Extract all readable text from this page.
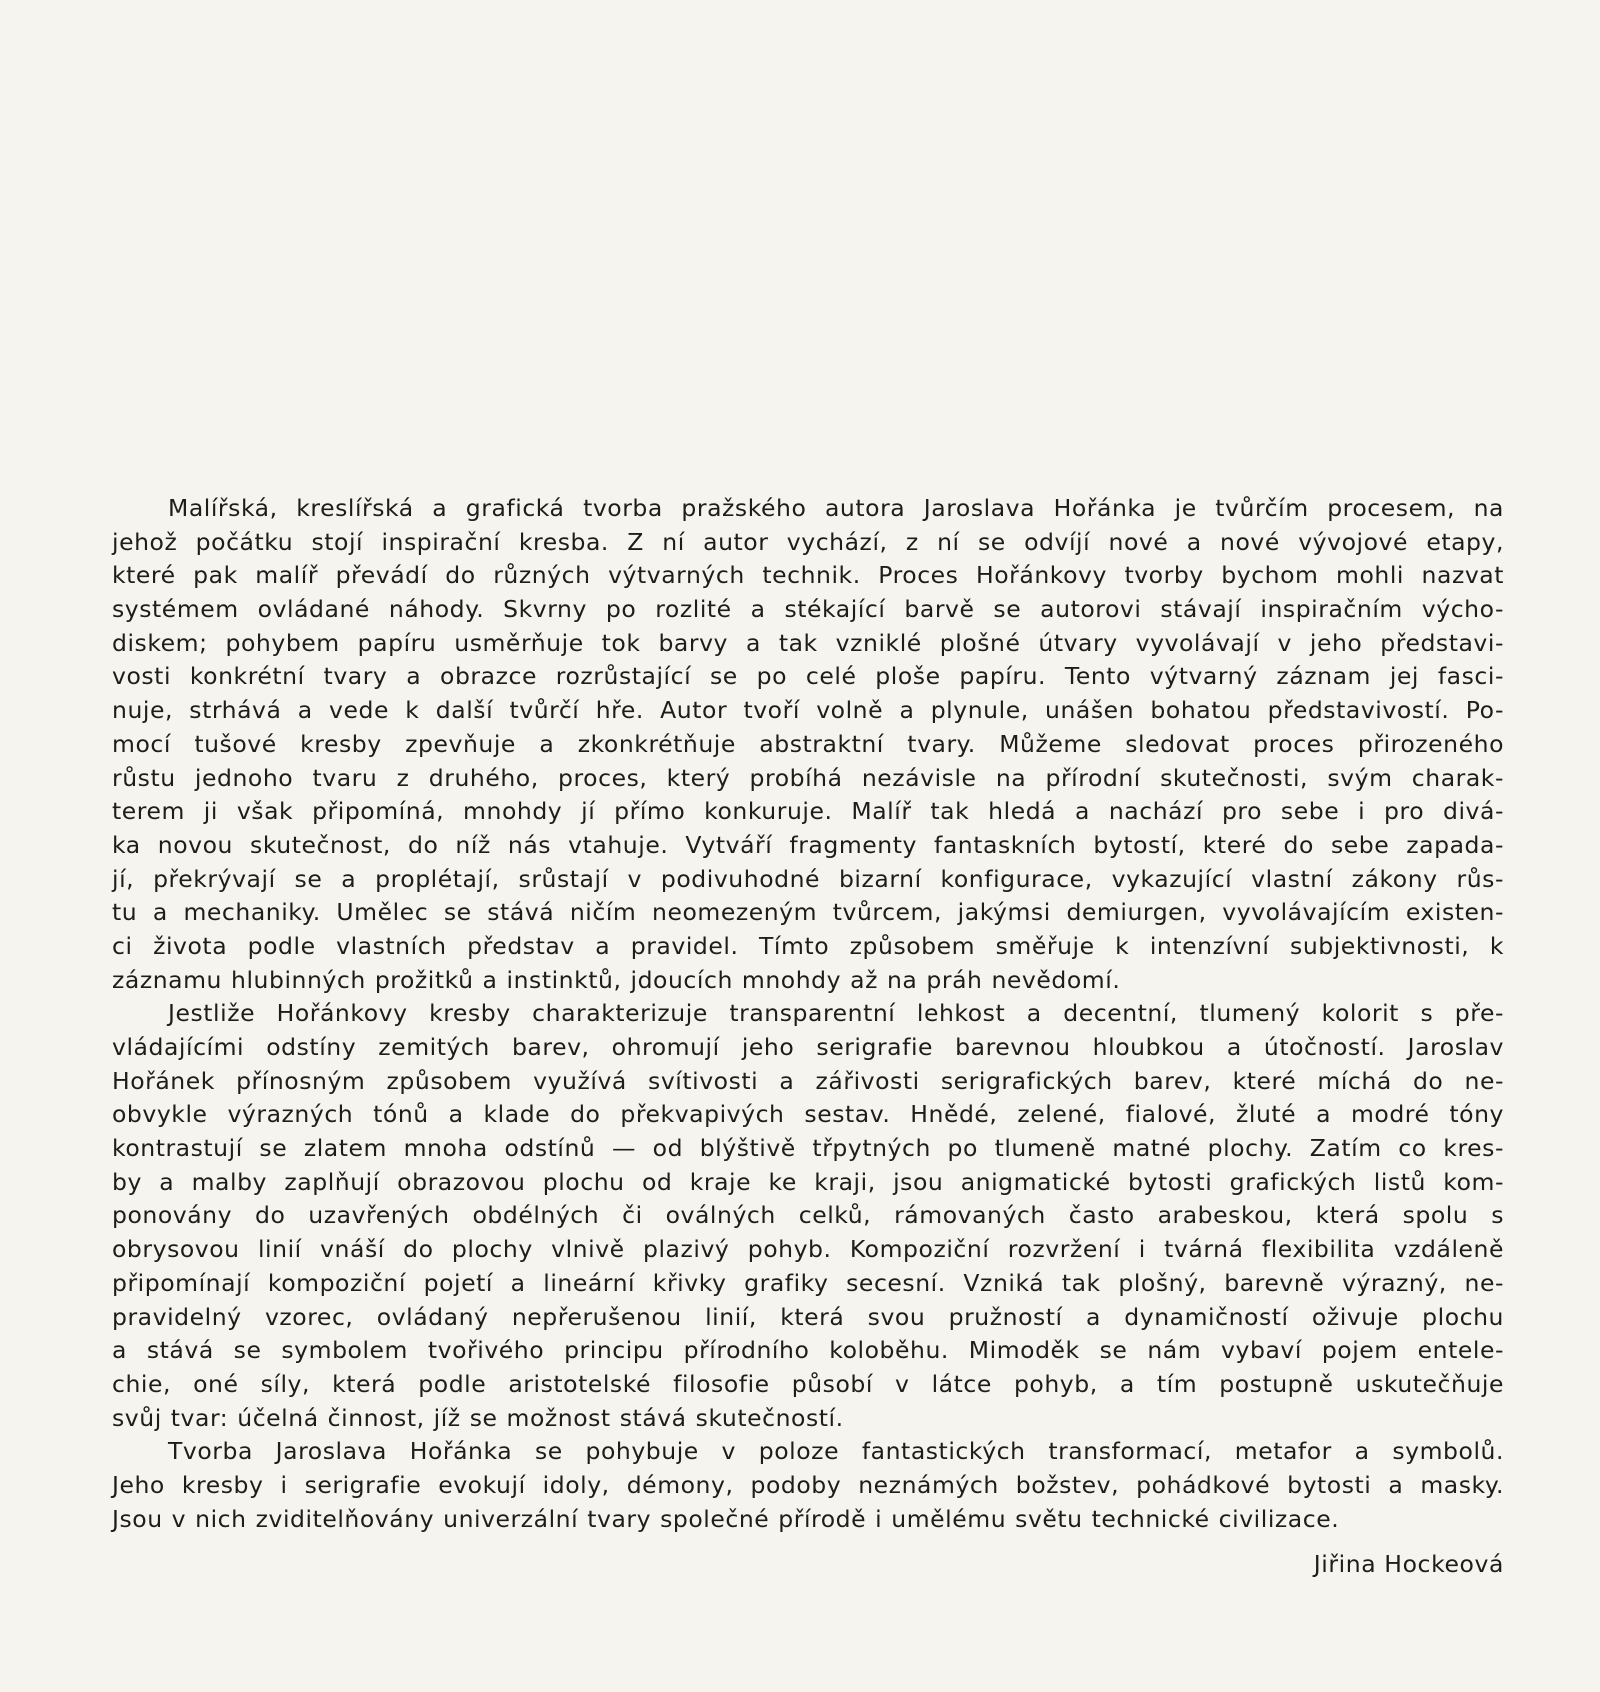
Malířská, kreslířská a grafická tvorba pražského autora Jaroslava Hořánka je tvůrčím procesem, na
jehož počátku stojí inspirační kresba. Z ní autor vychází, z ní se odvíjí nové a nové vývojové etapy,
které pak malíř převádí do různých výtvarných technik. Proces Hořánkovy tvorby bychom mohli nazvat
systémem ovládané náhody. Skvrny po rozlité a stékající barvě se autorovi stávají inspiračním výcho-
diskem; pohybem papíru usměrňuje tok barvy a tak vzniklé plošné útvary vyvolávají v jeho představi-
vosti konkrétní tvary a obrazce rozrůstající se po celé ploše papíru. Tento výtvarný záznam jej fasci-
nuje, strhává a vede k další tvůrčí hře. Autor tvoří volně a plynule, unášen bohatou představivostí. Po-
mocí tušové kresby zpevňuje a zkonkrétňuje abstraktní tvary. Můžeme sledovat proces přirozeného
růstu jednoho tvaru z druhého, proces, který probíhá nezávisle na přírodní skutečnosti, svým charak-
terem ji však připomíná, mnohdy jí přímo konkuruje. Malíř tak hledá a nachází pro sebe i pro divá-
ka novou skutečnost, do níž nás vtahuje. Vytváří fragmenty fantaskních bytostí, které do sebe zapada-
jí, překrývají se a proplétají, srůstají v podivuhodné bizarní konfigurace, vykazující vlastní zákony růs-
tu a mechaniky. Umělec se stává ničím neomezeným tvůrcem, jakýmsi demiurgen, vyvolávajícím existen-
ci života podle vlastních představ a pravidel. Tímto způsobem směřuje k intenzívní subjektivnosti, k
záznamu hlubinných prožitků a instinktů, jdoucích mnohdy až na práh nevědomí.
Jestliže Hořánkovy kresby charakterizuje transparentní lehkost a decentní, tlumený kolorit s pře-
vládajícími odstíny zemitých barev, ohromují jeho serigrafie barevnou hloubkou a útočností. Jaroslav
Hořánek přínosným způsobem využívá svítivosti a zářivosti serigrafických barev, které míchá do ne-
obvykle výrazných tónů a klade do překvapivých sestav. Hnědé, zelené, fialové, žluté a modré tóny
kontrastují se zlatem mnoha odstínů — od blýštivě třpytných po tlumeně matné plochy. Zatím co kres-
by a malby zaplňují obrazovou plochu od kraje ke kraji, jsou anigmatické bytosti grafických listů kom-
ponovány do uzavřených obdélných či oválných celků, rámovaných často arabeskou, která spolu s
obrysovou linií vnáší do plochy vlnivě plazivý pohyb. Kompoziční rozvržení i tvárná flexibilita vzdáleně
připomínají kompoziční pojetí a lineární křivky grafiky secesní. Vzniká tak plošný, barevně výrazný, ne-
pravidelný vzorec, ovládaný nepřerušenou linií, která svou pružností a dynamičností oživuje plochu
a stává se symbolem tvořivého principu přírodního koloběhu. Mimoděk se nám vybaví pojem entele-
chie, oné síly, která podle aristotelské filosofie působí v látce pohyb, a tím postupně uskutečňuje
svůj tvar: účelná činnost, jíž se možnost stává skutečností.
Tvorba Jaroslava Hořánka se pohybuje v poloze fantastických transformací, metafor a symbolů.
Jeho kresby i serigrafie evokují idoly, démony, podoby neznámých božstev, pohádkové bytosti a masky.
Jsou v nich zviditelňovány univerzální tvary společné přírodě i umělému světu technické civilizace.
Jiřina Hockeová
